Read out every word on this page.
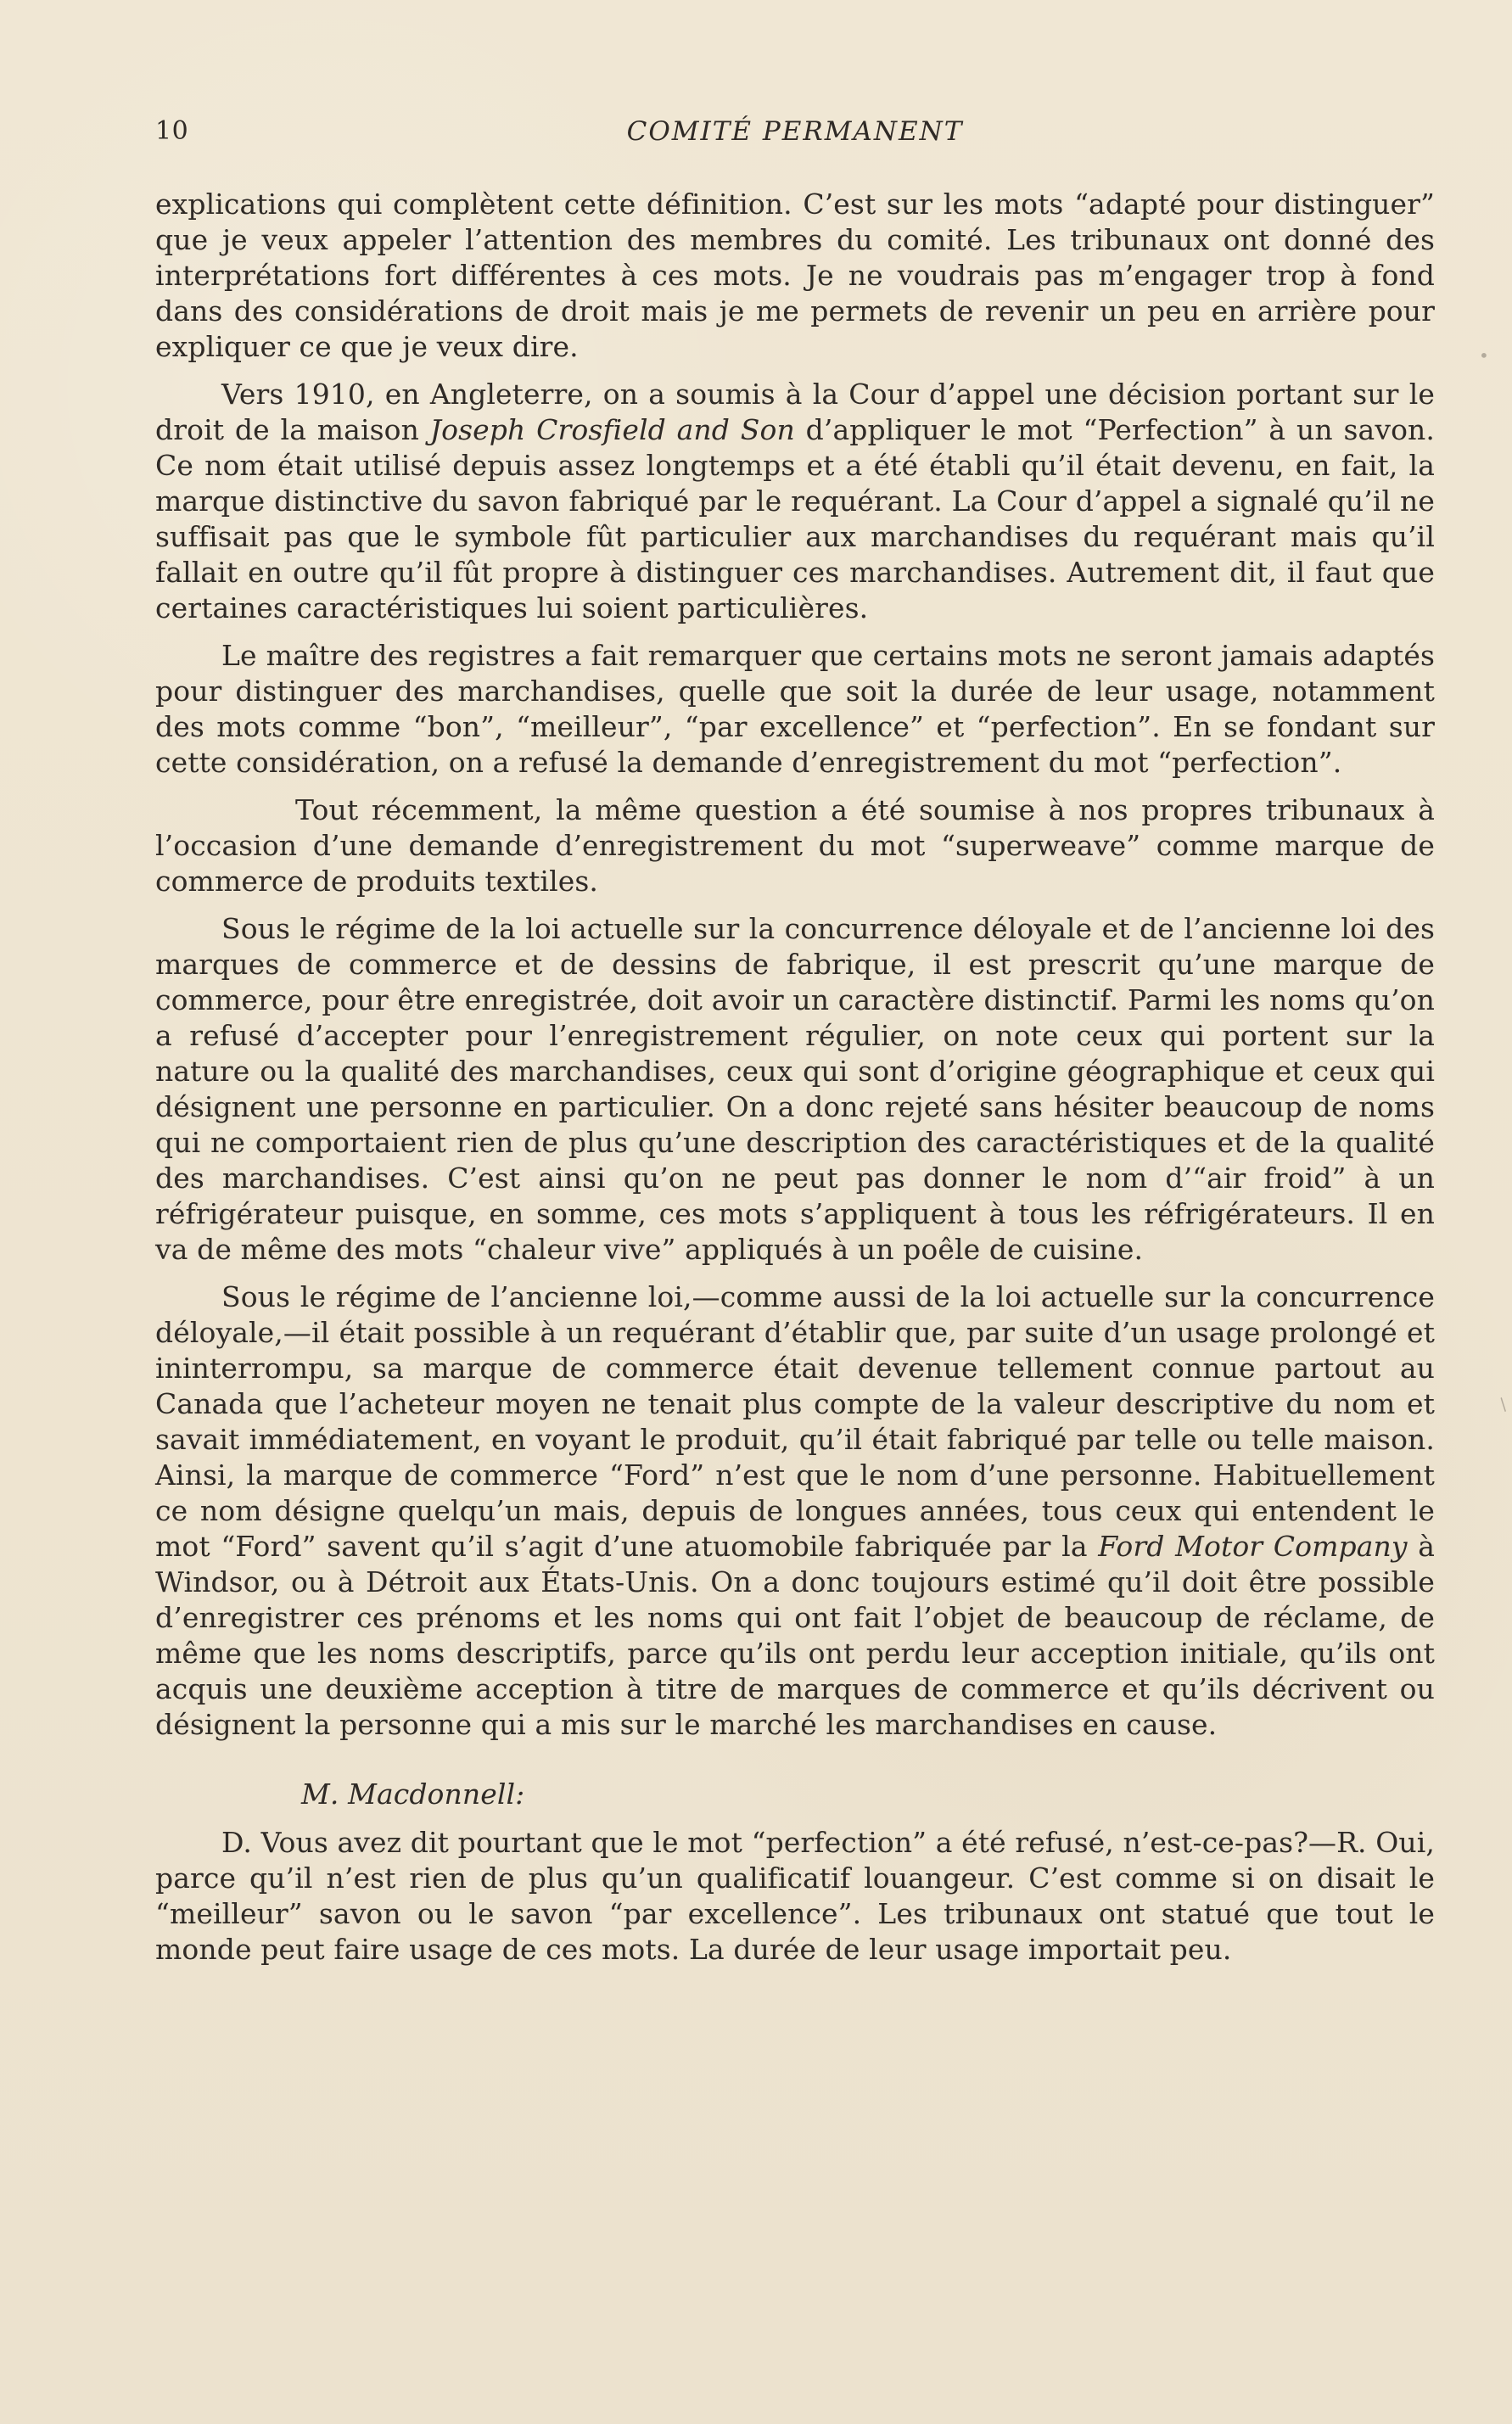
10	COMITÉ PERMANENT

explications qui complètent cette définition. C’est sur les mots “adapté pour distinguer” que je veux appeler l’attention des membres du comité. Les tribunaux ont donné des interprétations fort différentes à ces mots. Je ne voudrais pas m’engager trop à fond dans des considérations de droit mais je me permets de revenir un peu en arrière pour expliquer ce que je veux dire.

Vers 1910, en Angleterre, on a soumis à la Cour d’appel une décision portant sur le droit de la maison Joseph Crosfield and Son d’appliquer le mot “Perfection” à un savon. Ce nom était utilisé depuis assez longtemps et a été établi qu’il était devenu, en fait, la marque distinctive du savon fabriqué par le requérant. La Cour d’appel a signalé qu’il ne suffisait pas que le symbole fût particulier aux marchandises du requérant mais qu’il fallait en outre qu’il fût propre à distinguer ces marchandises. Autrement dit, il faut que certaines caractéristiques lui soient particulières.

Le maître des registres a fait remarquer que certains mots ne seront jamais adaptés pour distinguer des marchandises, quelle que soit la durée de leur usage, notamment des mots comme “bon”, “meilleur”, “par excellence” et “perfection”. En se fondant sur cette considération, on a refusé la demande d’enregistrement du mot “perfection”.

Tout récemment, la même question a été soumise à nos propres tribunaux à l’occasion d’une demande d’enregistrement du mot “superweave” comme marque de commerce de produits textiles.

Sous le régime de la loi actuelle sur la concurrence déloyale et de l’ancienne loi des marques de commerce et de dessins de fabrique, il est prescrit qu’une marque de commerce, pour être enregistrée, doit avoir un caractère distinctif. Parmi les noms qu’on a refusé d’accepter pour l’enregistrement régulier, on note ceux qui portent sur la nature ou la qualité des marchandises, ceux qui sont d’origine géographique et ceux qui désignent une personne en particulier. On a donc rejeté sans hésiter beaucoup de noms qui ne comportaient rien de plus qu’une description des caractéristiques et de la qualité des marchandises. C’est ainsi qu’on ne peut pas donner le nom d’“air froid” à un réfrigérateur puisque, en somme, ces mots s’appliquent à tous les réfrigérateurs. Il en va de même des mots “chaleur vive” appliqués à un poêle de cuisine.

Sous le régime de l’ancienne loi,—comme aussi de la loi actuelle sur la concurrence déloyale,—il était possible à un requérant d’établir que, par suite d’un usage prolongé et ininterrompu, sa marque de commerce était devenue tellement connue partout au Canada que l’acheteur moyen ne tenait plus compte de la valeur descriptive du nom et savait immédiatement, en voyant le produit, qu’il était fabriqué par telle ou telle maison. Ainsi, la marque de commerce “Ford” n’est que le nom d’une personne. Habituellement ce nom désigne quelqu’un mais, depuis de longues années, tous ceux qui entendent le mot “Ford” savent qu’il s’agit d’une atuomobile fabriquée par la Ford Motor Company à Windsor, ou à Détroit aux États-Unis. On a donc toujours estimé qu’il doit être possible d’enregistrer ces prénoms et les noms qui ont fait l’objet de beaucoup de réclame, de même que les noms descriptifs, parce qu’ils ont perdu leur acception initiale, qu’ils ont acquis une deuxième acception à titre de marques de commerce et qu’ils décrivent ou désignent la personne qui a mis sur le marché les marchandises en cause.

M. Macdonnell:

D. Vous avez dit pourtant que le mot “perfection” a été refusé, n’est-ce-pas?—R. Oui, parce qu’il n’est rien de plus qu’un qualificatif louangeur. C’est comme si on disait le “meilleur” savon ou le savon “par excellence”. Les tribunaux ont statué que tout le monde peut faire usage de ces mots. La durée de leur usage importait peu.

•
/
